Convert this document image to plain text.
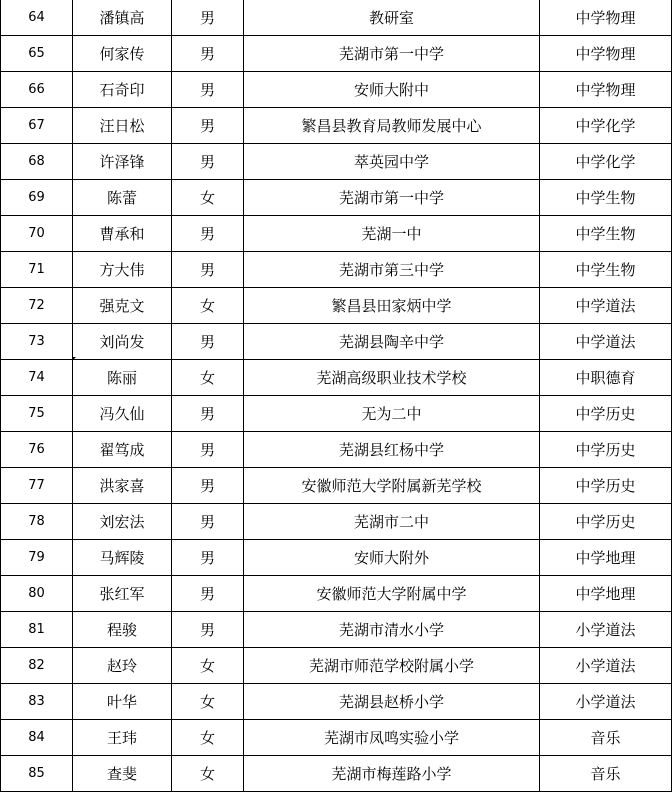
64	潘镇高	男	教研室	中学物理
65	何家传	男	芜湖市第一中学	中学物理
66	石奇印	男	安师大附中	中学物理
67	汪日松	男	繁昌县教育局教师发展中心	中学化学
68	许泽锋	男	萃英园中学	中学化学
69	陈蕾	女	芜湖市第一中学	中学生物
70	曹承和	男	芜湖一中	中学生物
71	方大伟	男	芜湖市第三中学	中学生物
72	强克文	女	繁昌县田家炳中学	中学道法
73	刘尚发	男	芜湖县陶辛中学	中学道法
74	陈丽	女	芜湖高级职业技术学校	中职德育
75	冯久仙	男	无为二中	中学历史
76	翟笃成	男	芜湖县红杨中学	中学历史
77	洪家喜	男	安徽师范大学附属新芜学校	中学历史
78	刘宏法	男	芜湖市二中	中学历史
79	马辉陵	男	安师大附外	中学地理
80	张红军	男	安徽师范大学附属中学	中学地理
81	程骏	男	芜湖市清水小学	小学道法
82	赵玲	女	芜湖市师范学校附属小学	小学道法
83	叶华	女	芜湖县赵桥小学	小学道法
84	王玮	女	芜湖市凤鸣实验小学	音乐
85	查斐	女	芜湖市梅莲路小学	音乐
